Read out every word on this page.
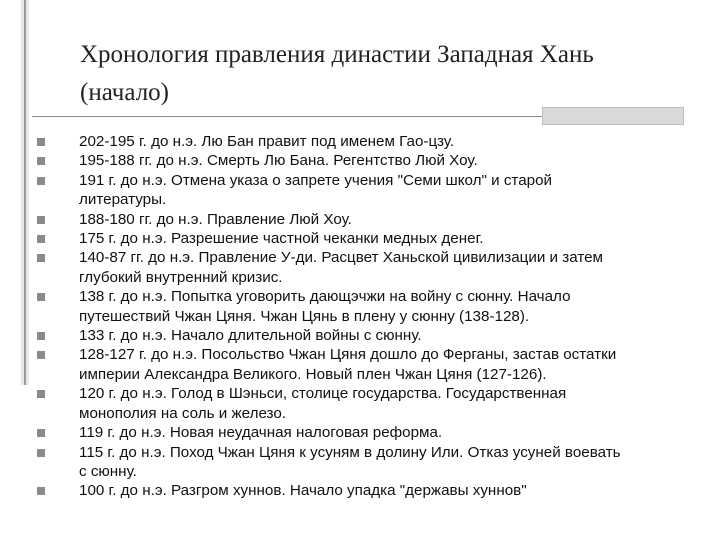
Хронология правления династии Западная Хань
(начало)
202-195 г. до н.э. Лю Бан правит под именем Гао-цзу.
195-188 гг. до н.э. Смерть Лю Бана. Регентство Люй Хоу.
191 г. до н.э. Отмена указа о запрете учения "Семи школ" и старой
литературы.
188-180 гг. до н.э. Правление Люй Хоу.
175 г. до н.э. Разрешение частной чеканки медных денег.
140-87 гг. до н.э. Правление У-ди. Расцвет Ханьской цивилизации и затем
глубокий внутренний кризис.
138 г. до н.э. Попытка уговорить дающэчжи на войну с сюнну. Начало
путешествий Чжан Цяня. Чжан Цянь в плену у сюнну (138-128).
133 г. до н.э. Начало длительной войны с сюнну.
128-127 г. до н.э. Посольство Чжан Цяня дошло до Ферганы, застав остатки
империи Александра Великого. Новый плен Чжан Цяня (127-126).
120 г. до н.э. Голод в Шэньси, столице государства. Государственная
монополия на соль и железо.
119 г. до н.э. Новая неудачная налоговая реформа.
115 г. до н.э. Поход Чжан Цяня к усуням в долину Или. Отказ усуней воевать
с сюнну.
100 г. до н.э. Разгром хуннов. Начало упадка "державы хуннов"
